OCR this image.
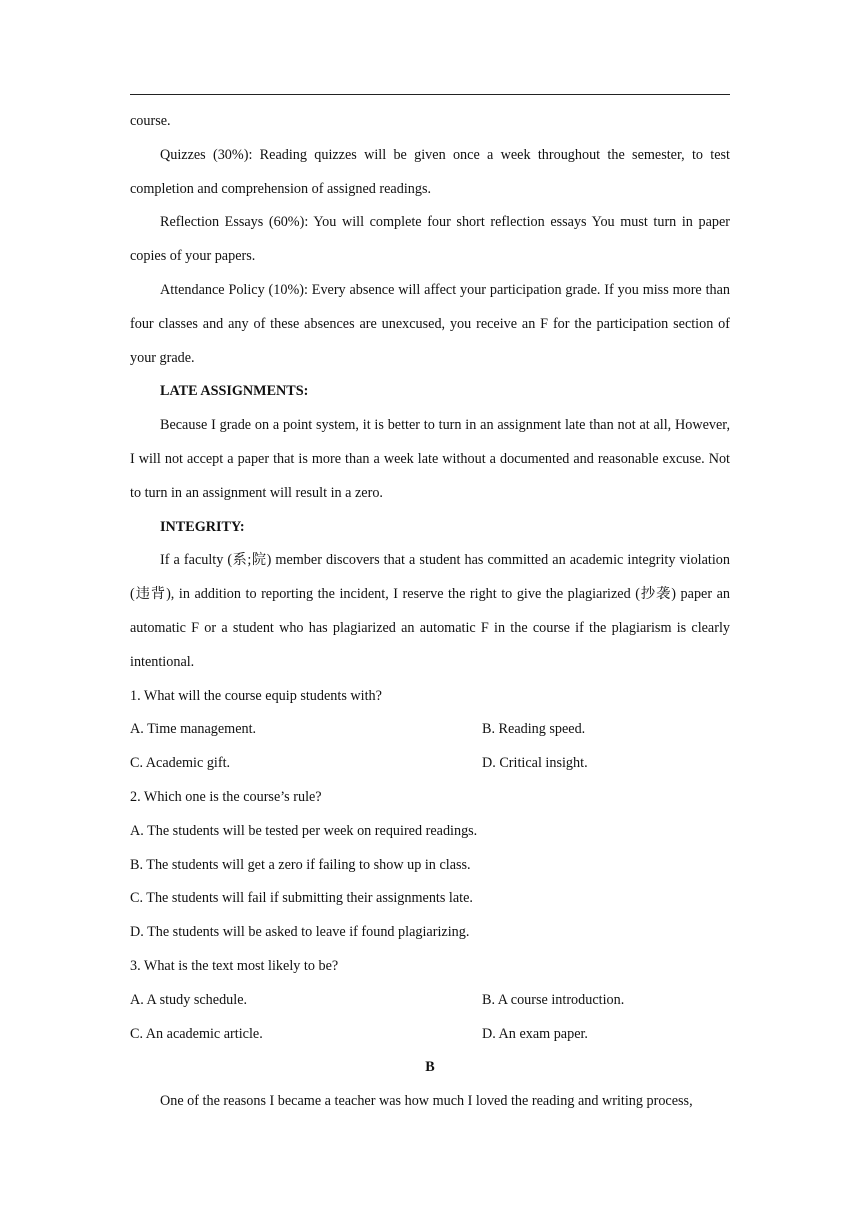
course.

Quizzes (30%): Reading quizzes will be given once a week throughout the semester, to test completion and comprehension of assigned readings.

Reflection Essays (60%): You will complete four short reflection essays You must turn in paper copies of your papers.

Attendance Policy (10%): Every absence will affect your participation grade. If you miss more than four classes and any of these absences are unexcused, you receive an F for the participation section of your grade.

LATE ASSIGNMENTS:

Because I grade on a point system, it is better to turn in an assignment late than not at all, However, I will not accept a paper that is more than a week late without a documented and reasonable excuse. Not to turn in an assignment will result in a zero.

INTEGRITY:

If a faculty (系;院) member discovers that a student has committed an academic integrity violation (违背), in addition to reporting the incident, I reserve the right to give the plagiarized (抄袭) paper an automatic F or a student who has plagiarized an automatic F in the course if the plagiarism is clearly intentional.

1. What will the course equip students with?

A. Time management.	B. Reading speed.
C. Academic gift.	D. Critical insight.

2. Which one is the course’s rule?

A. The students will be tested per week on required readings.

B. The students will get a zero if failing to show up in class.

C. The students will fail if submitting their assignments late.

D. The students will be asked to leave if found plagiarizing.

3. What is the text most likely to be?

A. A study schedule.	B. A course introduction.
C. An academic article.	D. An exam paper.
B

One of the reasons I became a teacher was how much I loved the reading and writing process,
